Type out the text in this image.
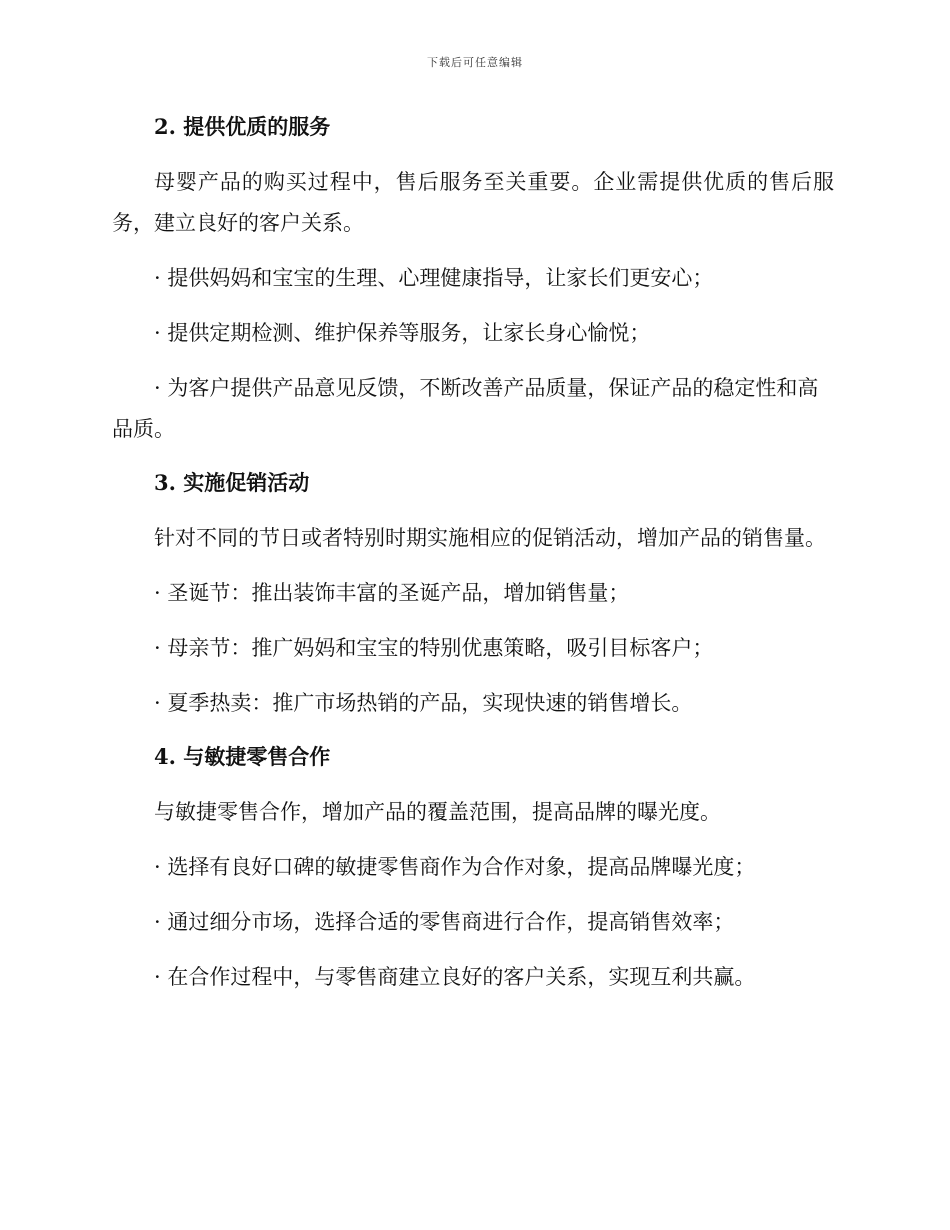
下载后可任意编辑
2. 提供优质的服务

母婴产品的购买过程中，售后服务至关重要。企业需提供优质的售后服务，建立良好的客户关系。

· 提供妈妈和宝宝的生理、心理健康指导，让家长们更安心；

· 提供定期检测、维护保养等服务，让家长身心愉悦；

· 为客户提供产品意见反馈，不断改善产品质量，保证产品的稳定性和高品质。

3. 实施促销活动

针对不同的节日或者特别时期实施相应的促销活动，增加产品的销售量。

· 圣诞节：推出装饰丰富的圣诞产品，增加销售量；

· 母亲节：推广妈妈和宝宝的特别优惠策略，吸引目标客户；

· 夏季热卖：推广市场热销的产品，实现快速的销售增长。

4. 与敏捷零售合作

与敏捷零售合作，增加产品的覆盖范围，提高品牌的曝光度。

· 选择有良好口碑的敏捷零售商作为合作对象，提高品牌曝光度；

· 通过细分市场，选择合适的零售商进行合作，提高销售效率；

· 在合作过程中，与零售商建立良好的客户关系，实现互利共赢。
